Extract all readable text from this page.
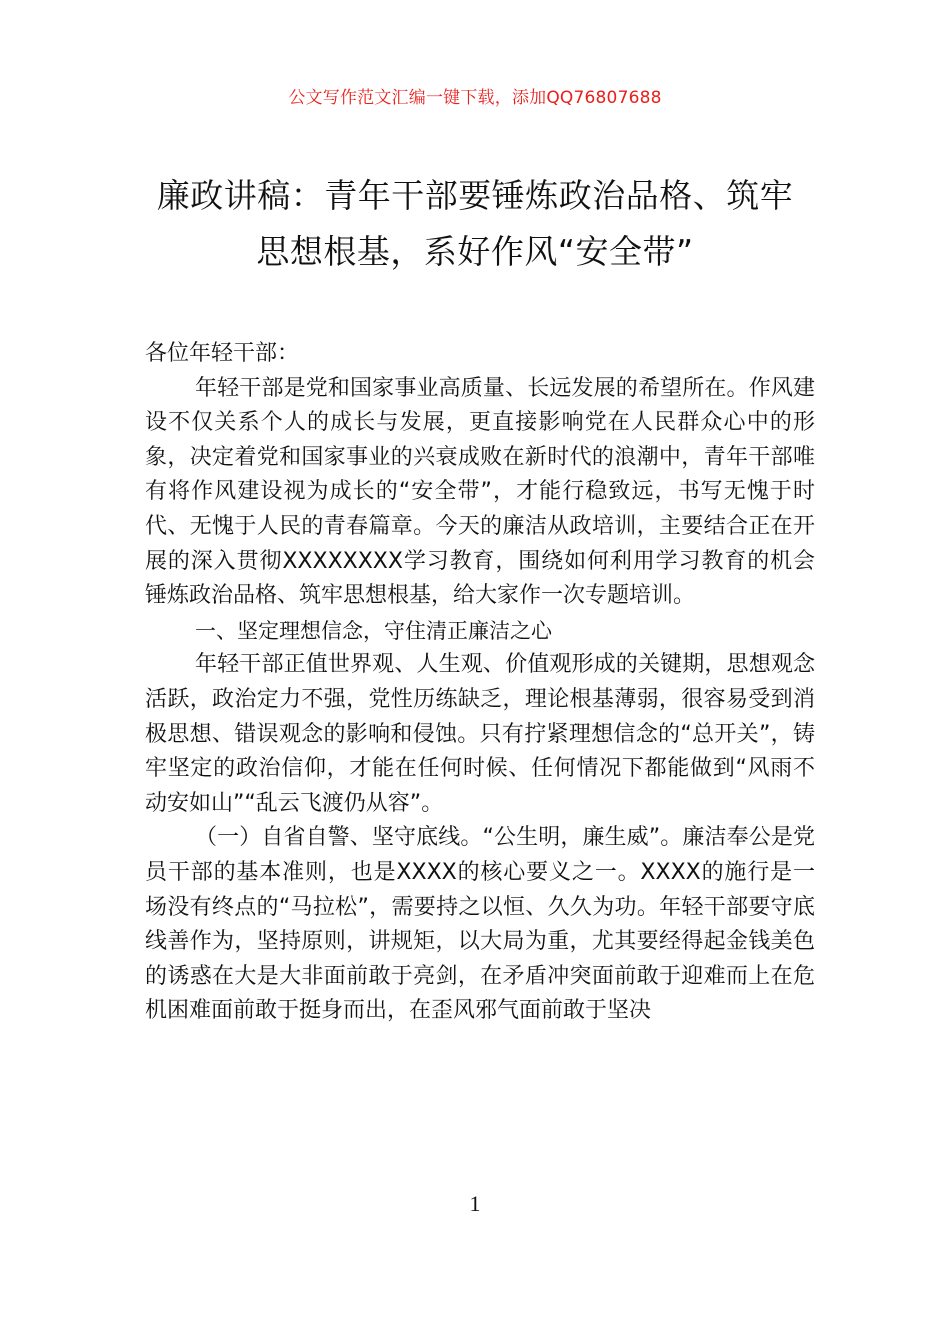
公文写作范文汇编一键下载，添加QQ76807688
廉政讲稿：青年干部要锤炼政治品格、筑牢思想根基，系好作风“安全带”

各位年轻干部：

年轻干部是党和国家事业高质量、长远发展的希望所在。作风建设不仅关系个人的成长与发展，更直接影响党在人民群众心中的形象，决定着党和国家事业的兴衰成败在新时代的浪潮中，青年干部唯有将作风建设视为成长的“安全带”，才能行稳致远，书写无愧于时代、无愧于人民的青春篇章。今天的廉洁从政培训，主要结合正在开展的深入贯彻XXXXXXXX学习教育，围绕如何利用学习教育的机会锤炼政治品格、筑牢思想根基，给大家作一次专题培训。

一、坚定理想信念，守住清正廉洁之心

年轻干部正值世界观、人生观、价值观形成的关键期，思想观念活跃，政治定力不强，党性历练缺乏，理论根基薄弱，很容易受到消极思想、错误观念的影响和侵蚀。只有拧紧理想信念的“总开关”，铸牢坚定的政治信仰，才能在任何时候、任何情况下都能做到“风雨不动安如山”“乱云飞渡仍从容”。

（一）自省自警、坚守底线。“公生明，廉生威”。廉洁奉公是党员干部的基本准则，也是XXXX的核心要义之一。XXXX的施行是一场没有终点的“马拉松”，需要持之以恒、久久为功。年轻干部要守底线善作为，坚持原则，讲规矩，以大局为重，尤其要经得起金钱美色的诱惑在大是大非面前敢于亮剑，在矛盾冲突面前敢于迎难而上在危机困难面前敢于挺身而出，在歪风邪气面前敢于坚决

1
